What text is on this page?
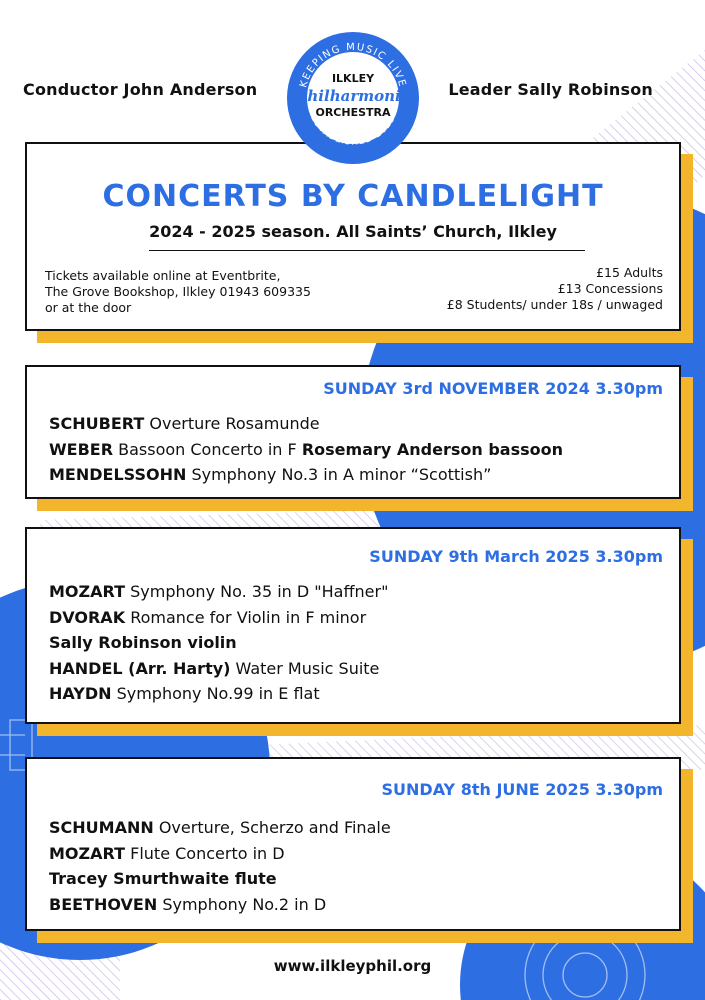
Conductor John Anderson	Leader Sally Robinson
KEEPING MUSIC LIVE
ESTABLISHED 2023
ILKLEY
Philharmonic
ORCHESTRA
CONCERTS BY CANDLELIGHT
2024 - 2025 season. All Saints’ Church, Ilkley
Tickets available online at Eventbrite,
The Grove Bookshop, Ilkley 01943 609335
or at the door
£15 Adults
£13 Concessions
£8 Students/ under 18s / unwaged
SUNDAY 3rd NOVEMBER 2024 3.30pm
SCHUBERT Overture Rosamunde
WEBER Bassoon Concerto in F Rosemary Anderson bassoon
MENDELSSOHN Symphony No.3 in A minor “Scottish”
SUNDAY 9th March 2025 3.30pm
MOZART Symphony No. 35 in D "Haffner"
DVORAK Romance for Violin in F minor
Sally Robinson violin
HANDEL (Arr. Harty) Water Music Suite
HAYDN Symphony No.99 in E flat
SUNDAY 8th JUNE 2025 3.30pm
SCHUMANN Overture, Scherzo and Finale
MOZART Flute Concerto in D
Tracey Smurthwaite flute
BEETHOVEN Symphony No.2 in D
www.ilkleyphil.org
